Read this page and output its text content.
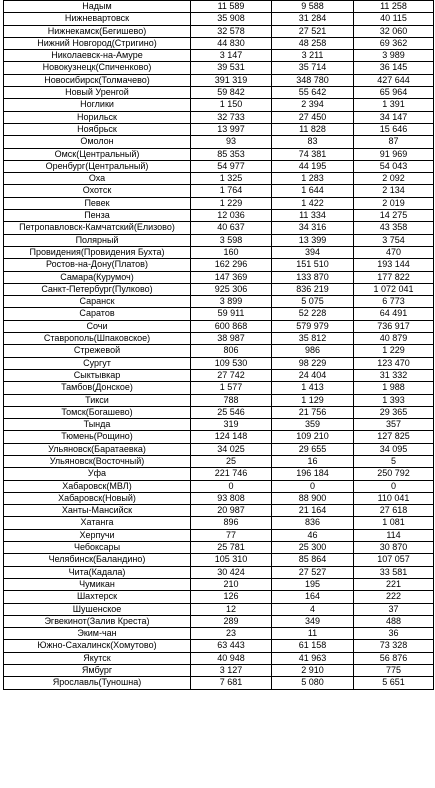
Надым	11 589	9 588	11 258
Нижневартовск	35 908	31 284	40 115
Нижнекамск(Бегишево)	32 578	27 521	32 060
Нижний Новгород(Стригино)	44 830	48 258	69 362
Николаевск-на-Амуре	3 147	3 211	3 989
Новокузнецк(Спиченково)	39 531	35 714	36 145
Новосибирск(Толмачево)	391 319	348 780	427 644
Новый Уренгой	59 842	55 642	65 964
Ноглики	1 150	2 394	1 391
Норильск	32 733	27 450	34 147
Ноябрьск	13 997	11 828	15 646
Омолон	93	83	87
Омск(Центральный)	85 353	74 381	91 969
Оренбург(Центральный)	54 977	44 195	54 043
Оха	1 325	1 283	2 092
Охотск	1 764	1 644	2 134
Певек	1 229	1 422	2 019
Пенза	12 036	11 334	14 275
Петропавловск-Камчатский(Елизово)	40 637	34 316	43 358
Полярный	3 598	13 399	3 754
Провидения(Провидения Бухта)	160	394	470
Ростов-на-Дону(Платов)	162 296	151 510	193 144
Самара(Курумоч)	147 369	133 870	177 822
Санкт-Петербург(Пулково)	925 306	836 219	1 072 041
Саранск	3 899	5 075	6 773
Саратов	59 911	52 228	64 491
Сочи	600 868	579 979	736 917
Ставрополь(Шпаковское)	38 987	35 812	40 879
Стрежевой	806	986	1 229
Сургут	109 530	98 229	123 470
Сыктывкар	27 742	24 404	31 332
Тамбов(Донское)	1 577	1 413	1 988
Тикси	788	1 129	1 393
Томск(Богашево)	25 546	21 756	29 365
Тында	319	359	357
Тюмень(Рощино)	124 148	109 210	127 825
Ульяновск(Баратаевка)	34 025	29 655	34 095
Ульяновск(Восточный)	25	16	5
Уфа	221 746	196 184	250 792
Хабаровск(МВЛ)	0	0	0
Хабаровск(Новый)	93 808	88 900	110 041
Ханты-Мансийск	20 987	21 164	27 618
Хатанга	896	836	1 081
Херпучи	77	46	114
Чебоксары	25 781	25 300	30 870
Челябинск(Баландино)	105 310	85 864	107 057
Чита(Кадала)	30 424	27 527	33 581
Чумикан	210	195	221
Шахтерск	126	164	222
Шушенское	12	4	37
Эгвекинот(Залив Креста)	289	349	488
Эким-чан	23	11	36
Южно-Сахалинск(Хомутово)	63 443	61 158	73 328
Якутск	40 948	41 963	56 876
Ямбург	3 127	2 910	775
Ярославль(Туношна)	7 681	5 080	5 651
